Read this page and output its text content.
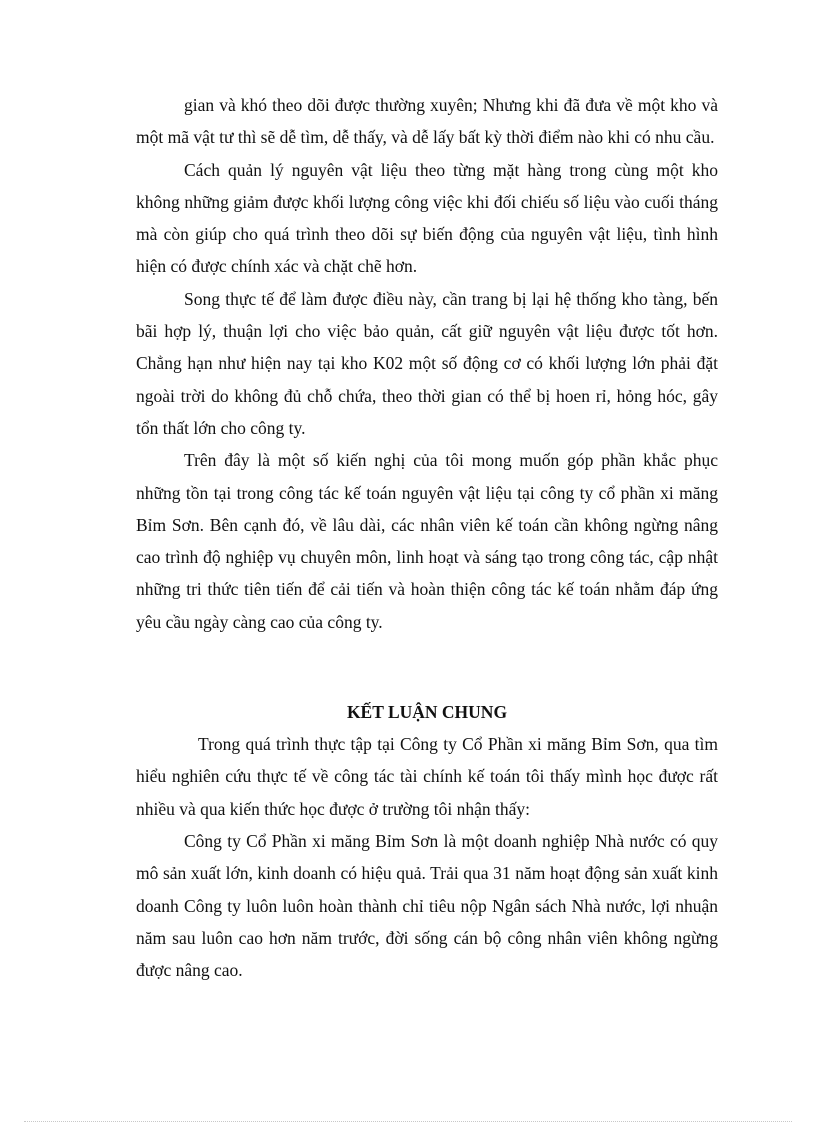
gian và khó theo dõi được thường xuyên; Nhưng khi đã đưa về một kho và một mã vật tư thì sẽ dễ tìm, dễ thấy, và dễ lấy bất kỳ thời điểm nào khi có nhu cầu.

Cách quản lý nguyên vật liệu theo từng mặt hàng trong cùng một kho không những giảm được khối lượng công việc khi đối chiếu số liệu vào cuối tháng mà còn giúp cho quá trình theo dõi sự biến động của nguyên vật liệu, tình hình hiện có được chính xác và chặt chẽ hơn.

Song thực tế để làm được điều này, cần trang bị lại hệ thống kho tàng, bến bãi hợp lý, thuận lợi cho việc bảo quản, cất giữ nguyên vật liệu được tốt hơn. Chẳng hạn như hiện nay tại kho K02 một số động cơ có khối lượng lớn phải đặt ngoài trời do không đủ chỗ chứa, theo thời gian có thể bị hoen rỉ, hỏng hóc, gây tổn thất lớn cho công ty.

Trên đây là một số kiến nghị của tôi mong muốn góp phần khắc phục những tồn tại trong công tác kế toán nguyên vật liệu tại công ty cổ phần xi măng Bỉm Sơn. Bên cạnh đó, về lâu dài, các nhân viên kế toán cần không ngừng nâng cao trình độ nghiệp vụ chuyên môn, linh hoạt và sáng tạo trong công tác, cập nhật những tri thức tiên tiến để cải tiến và hoàn thiện công tác kế toán nhằm đáp ứng yêu cầu ngày càng cao của công ty.

KẾT LUẬN CHUNG

Trong quá trình thực tập tại Công ty Cổ Phần xi măng Bỉm Sơn, qua tìm hiểu nghiên cứu thực tế về công tác tài chính kế toán tôi thấy mình học được rất nhiều và qua kiến thức học được ở trường tôi nhận thấy:

Công ty Cổ Phần xi măng Bỉm Sơn là một doanh nghiệp Nhà nước có quy mô sản xuất lớn, kinh doanh có hiệu quả. Trải qua 31 năm hoạt động sản xuất kinh doanh Công ty luôn luôn hoàn thành chỉ tiêu nộp Ngân sách Nhà nước, lợi nhuận năm sau luôn cao hơn năm trước, đời sống cán bộ công nhân viên không ngừng được nâng cao.
